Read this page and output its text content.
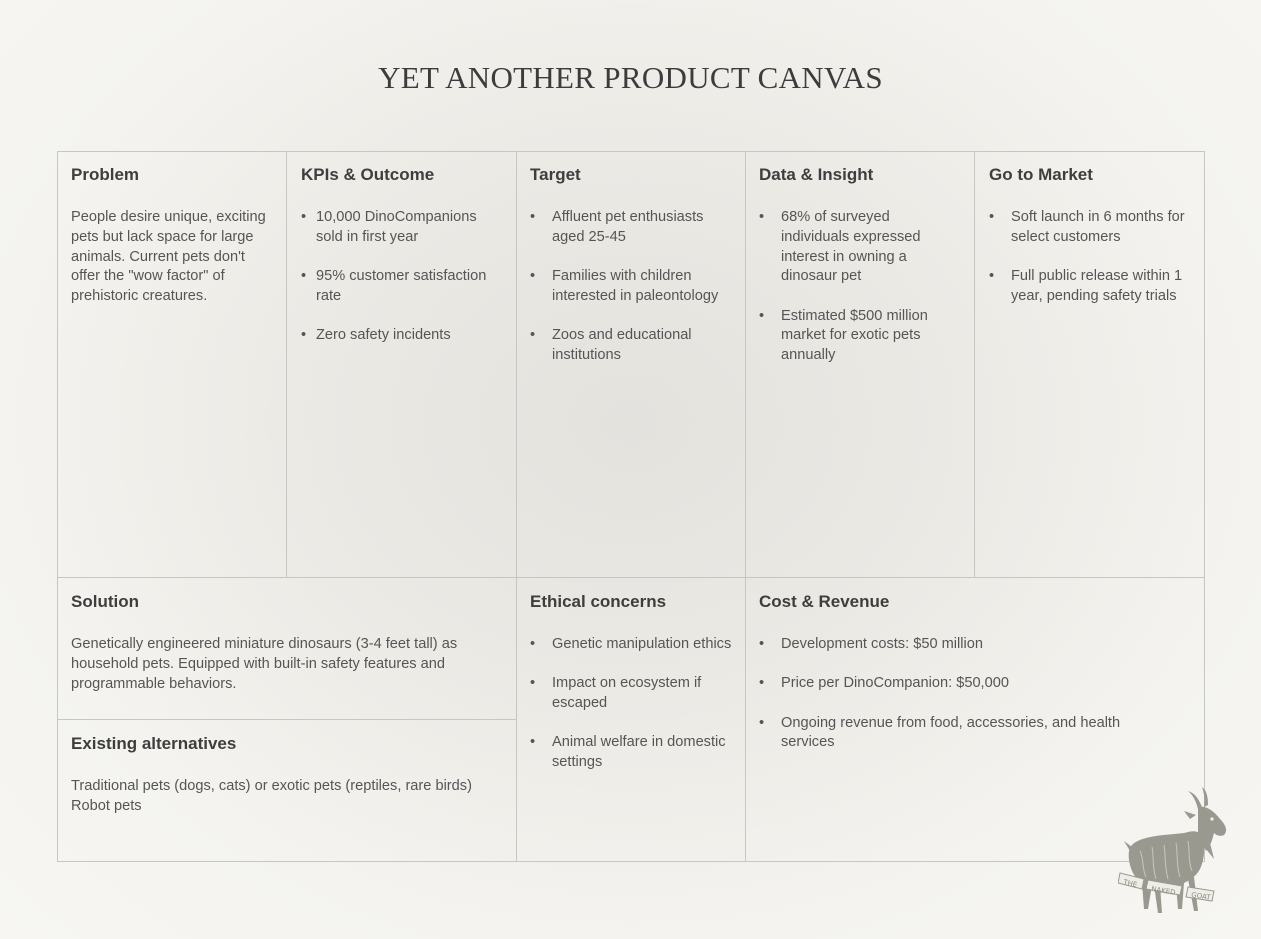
YET ANOTHER PRODUCT CANVAS
Problem

People desire unique, exciting pets but lack space for large animals. Current pets don't offer the "wow factor" of prehistoric creatures.

KPIs & Outcome
• 10,000 DinoCompanions sold in first year
• 95% customer satisfaction rate
• Zero safety incidents
Target
• Affluent pet enthusiasts aged 25-45
• Families with children interested in paleontology
• Zoos and educational institutions
Data & Insight
• 68% of surveyed individuals expressed interest in owning a dinosaur pet
• Estimated $500 million market for exotic pets annually
Go to Market
• Soft launch in 6 months for select customers
• Full public release within 1 year, pending safety trials
Solution

Genetically engineered miniature dinosaurs (3-4 feet tall) as household pets. Equipped with built-in safety features and programmable behaviors.

Existing alternatives

Traditional pets (dogs, cats) or exotic pets (reptiles, rare birds)
Robot pets

Ethical concerns
• Genetic manipulation ethics
• Impact on ecosystem if escaped
• Animal welfare in domestic settings
Cost & Revenue
• Development costs: $50 million
• Price per DinoCompanion: $50,000
• Ongoing revenue from food, accessories, and health services
THE
NAKED GOAT
